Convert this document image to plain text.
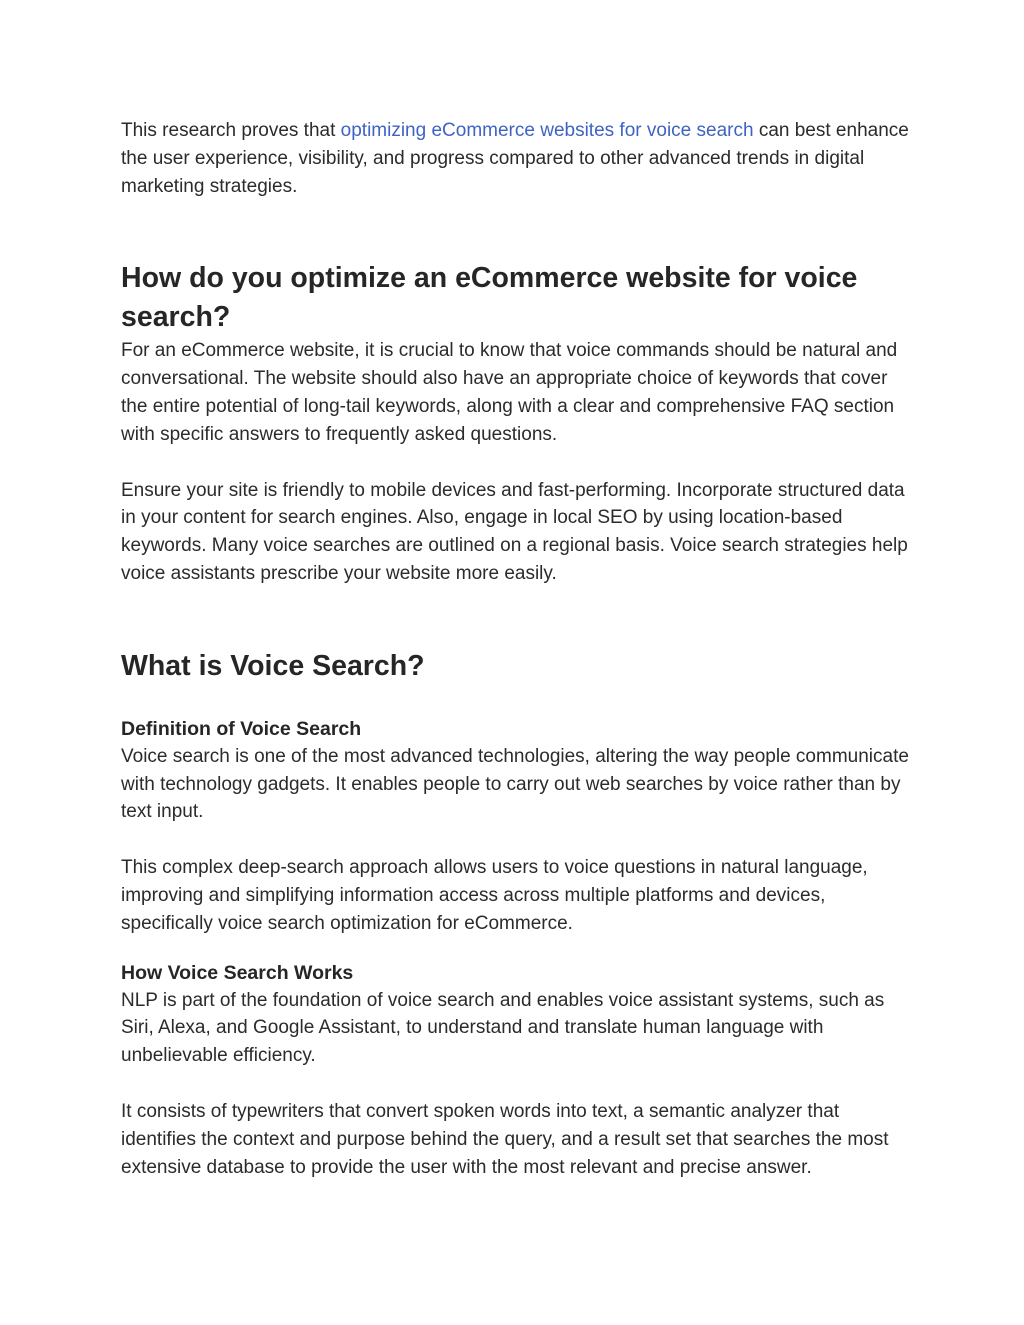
This research proves that optimizing eCommerce websites for voice search can best enhance the user experience, visibility, and progress compared to other advanced trends in digital marketing strategies.

How do you optimize an eCommerce website for voice search?

For an eCommerce website, it is crucial to know that voice commands should be natural and conversational. The website should also have an appropriate choice of keywords that cover the entire potential of long-tail keywords, along with a clear and comprehensive FAQ section with specific answers to frequently asked questions.

Ensure your site is friendly to mobile devices and fast-performing. Incorporate structured data in your content for search engines. Also, engage in local SEO by using location-based keywords. Many voice searches are outlined on a regional basis. Voice search strategies help voice assistants prescribe your website more easily.

What is Voice Search?
Definition of Voice Search

Voice search is one of the most advanced technologies, altering the way people communicate with technology gadgets. It enables people to carry out web searches by voice rather than by text input.

This complex deep-search approach allows users to voice questions in natural language, improving and simplifying information access across multiple platforms and devices, specifically voice search optimization for eCommerce.

How Voice Search Works

NLP is part of the foundation of voice search and enables voice assistant systems, such as Siri, Alexa, and Google Assistant, to understand and translate human language with unbelievable efficiency.

It consists of typewriters that convert spoken words into text, a semantic analyzer that identifies the context and purpose behind the query, and a result set that searches the most extensive database to provide the user with the most relevant and precise answer.
